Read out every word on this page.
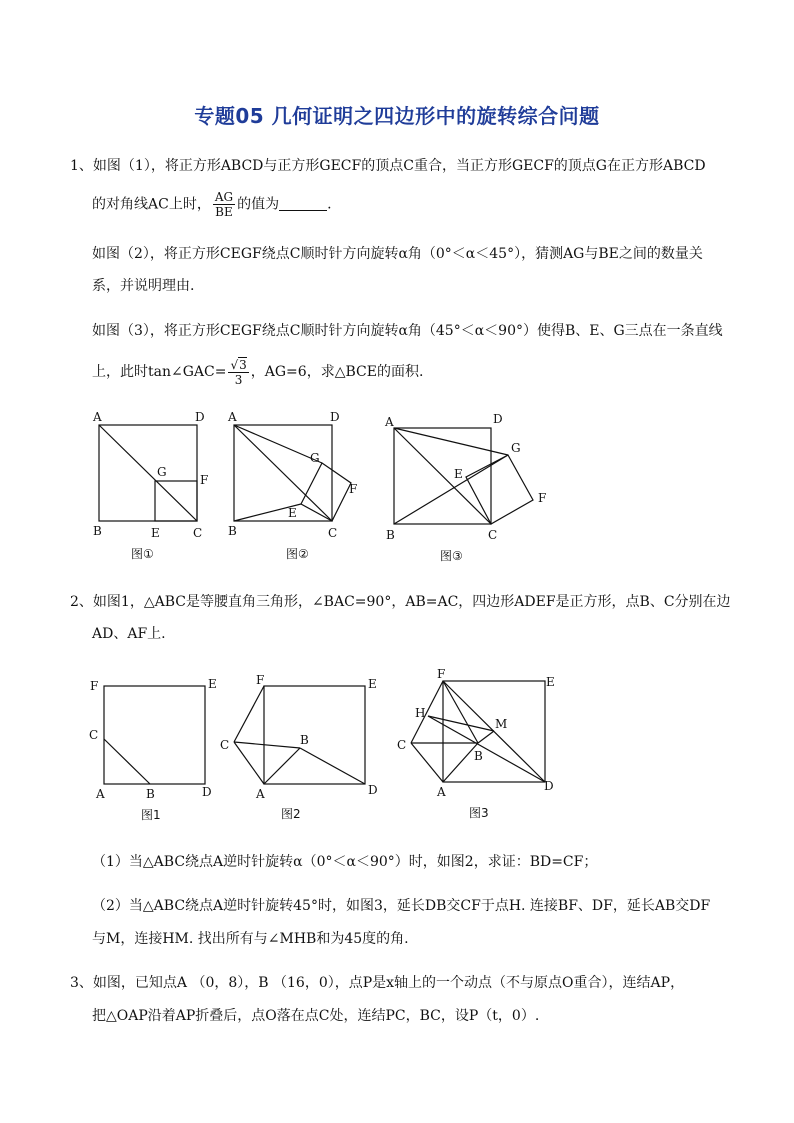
专题05 几何证明之四边形中的旋转综合问题
1、如图（1），将正方形ABCD与正方形GECF的顶点C重合，当正方形GECF的顶点G在正方形ABCD
的对角线AC上时， $\frac{AG}{BE}$ 的值为	.
如图（2），将正方形CEGF绕点C顺时针方向旋转α角（0°＜α＜45°），猜测AG与BE之间的数量关
系，并说明理由.
如图（3），将正方形CEGF绕点C顺时针方向旋转α角（45°＜α＜90°）使得B、E、G三点在一条直线
上，此时tan∠GAC= $\frac{√3}{3}$ ，AG=6，求△BCE的面积.
2、如图1，△ABC是等腰直角三角形，∠BAC=90°，AB=AC，四边形ADEF是正方形，点B、C分别在边
AD、AF上.
（1）当△ABC绕点A逆时针旋转α（0°＜α＜90°）时，如图2，求证：BD=CF；
（2）当△ABC绕点A逆时针旋转45°时，如图3，延长DB交CF于点H. 连接BF、DF，延长AB交DF
与M，连接HM. 找出所有与∠MHB和为45度的角.
3、如图，已知点A （0，8），B （16，0），点P是x轴上的一个动点（不与原点O重合），连结AP，
把△OAP沿着AP折叠后，点O落在点C处，连结PC，BC，设P（t，0）.
A	D
G
F
B	E	C
图①
A	D
G
F
E
B	C
图②
A	D
G
E
F
B	C
图③
F	E
C
A	B	D
图1
F	E
C	B
A	D
图2
F
E
H
M
C
B
A	D
图3
